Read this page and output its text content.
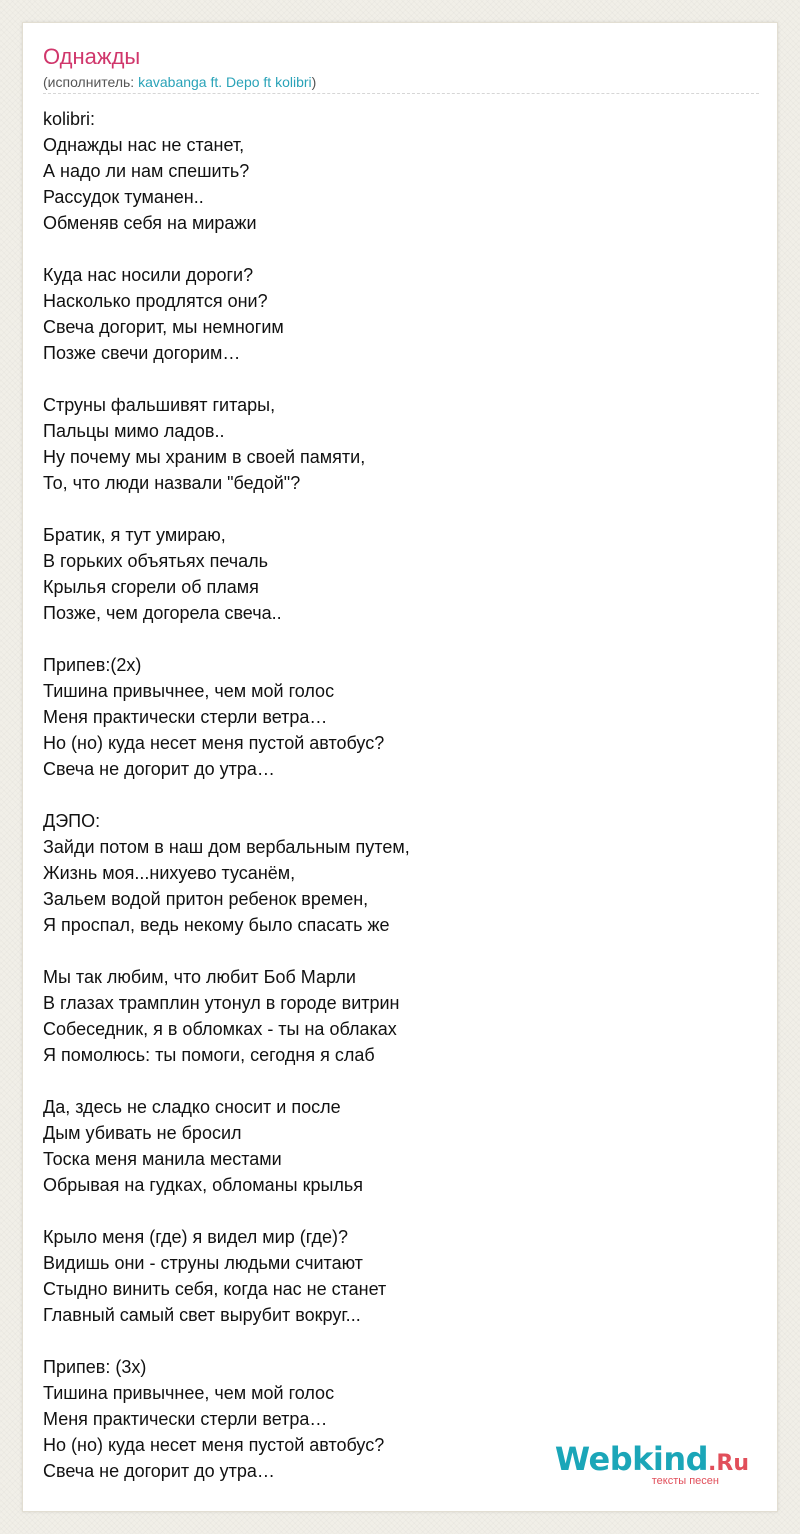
Однажды
(исполнитель: kavabanga ft. Depo ft kolibri)
kolibri:
Однажды нас не станет,
А надо ли нам спешить?
Рассудок туманен..
Обменяв себя на миражи
Куда нас носили дороги?
Насколько продлятся они?
Свеча догорит, мы немногим
Позже свечи догорим…
Струны фальшивят гитары,
Пальцы мимо ладов..
Ну почему мы храним в своей памяти,
То, что люди назвали "бедой"?
Братик, я тут умираю,
В горьких объятьях печаль
Крылья сгорели об пламя
Позже, чем догорела свеча..
Припев:(2x)
Тишина привычнее, чем мой голос
Меня практически стерли ветра…
Но (но) куда несет меня пустой автобус?
Свеча не догорит до утра…
ДЭПО:
Зайди потом в наш дом вербальным путем,
Жизнь моя...нихуево тусанём,
Зальем водой притон ребенок времен,
Я проспал, ведь некому было спасать же
Мы так любим, что любит Боб Марли
В глазах трамплин утонул в городе витрин
Собеседник, я в обломках - ты на облаках
Я помолюсь: ты помоги, сегодня я слаб
Да, здесь не сладко сносит и после
Дым убивать не бросил
Тоска меня манила местами
Обрывая на гудках, обломаны крылья
Крыло меня (где) я видел мир (где)?
Видишь они - струны людьми считают
Стыдно винить себя, когда нас не станет
Главный самый свет вырубит вокруг...
Припев: (3x)
Тишина привычнее, чем мой голос
Меня практически стерли ветра…
Но (но) куда несет меня пустой автобус?
Свеча не догорит до утра…	Webkind.Ru
тексты песен
